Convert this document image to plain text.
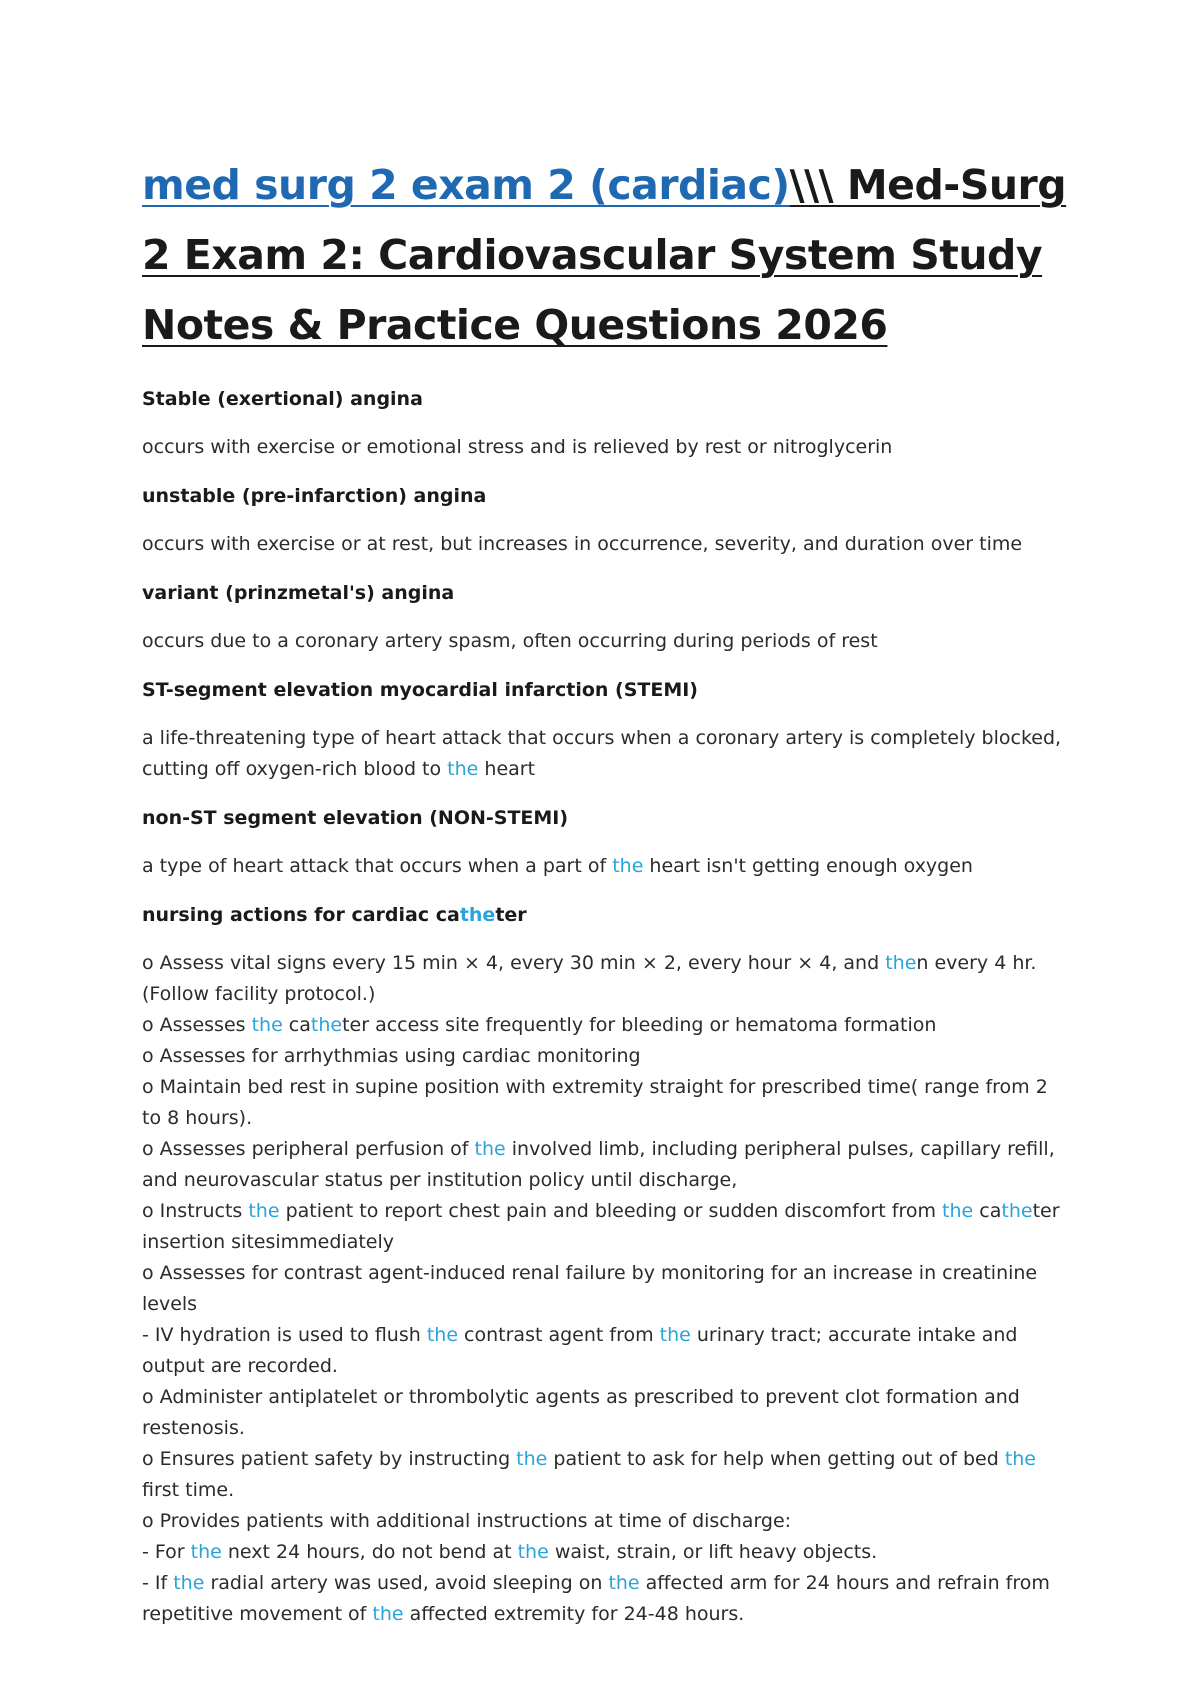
med surg 2 exam 2 (cardiac)\\\ Med-Surg 2 Exam 2: Cardiovascular System Study Notes & Practice Questions 2026

Stable (exertional) angina

occurs with exercise or emotional stress and is relieved by rest or nitroglycerin

unstable (pre-infarction) angina

occurs with exercise or at rest, but increases in occurrence, severity, and duration over time

variant (prinzmetal's) angina

occurs due to a coronary artery spasm, often occurring during periods of rest

ST-segment elevation myocardial infarction (STEMI)

a life-threatening type of heart attack that occurs when a coronary artery is completely blocked, cutting off oxygen-rich blood to the heart

non-ST segment elevation (NON-STEMI)

a type of heart attack that occurs when a part of the heart isn't getting enough oxygen

nursing actions for cardiac catheter

o Assess vital signs every 15 min × 4, every 30 min × 2, every hour × 4, and then every 4 hr. (Follow facility protocol.)
o Assesses the catheter access site frequently for bleeding or hematoma formation
o Assesses for arrhythmias using cardiac monitoring
o Maintain bed rest in supine position with extremity straight for prescribed time( range from 2 to 8 hours).
o Assesses peripheral perfusion of the involved limb, including peripheral pulses, capillary refill, and neurovascular status per institution policy until discharge,
o Instructs the patient to report chest pain and bleeding or sudden discomfort from the catheter insertion sitesimmediately
o Assesses for contrast agent-induced renal failure by monitoring for an increase in creatinine levels
- IV hydration is used to flush the contrast agent from the urinary tract; accurate intake and output are recorded.
o Administer antiplatelet or thrombolytic agents as prescribed to prevent clot formation and restenosis.
o Ensures patient safety by instructing the patient to ask for help when getting out of bed the first time.
o Provides patients with additional instructions at time of discharge:
- For the next 24 hours, do not bend at the waist, strain, or lift heavy objects.
- If the radial artery was used, avoid sleeping on the affected arm for 24 hours and refrain from repetitive movement of the affected extremity for 24-48 hours.
